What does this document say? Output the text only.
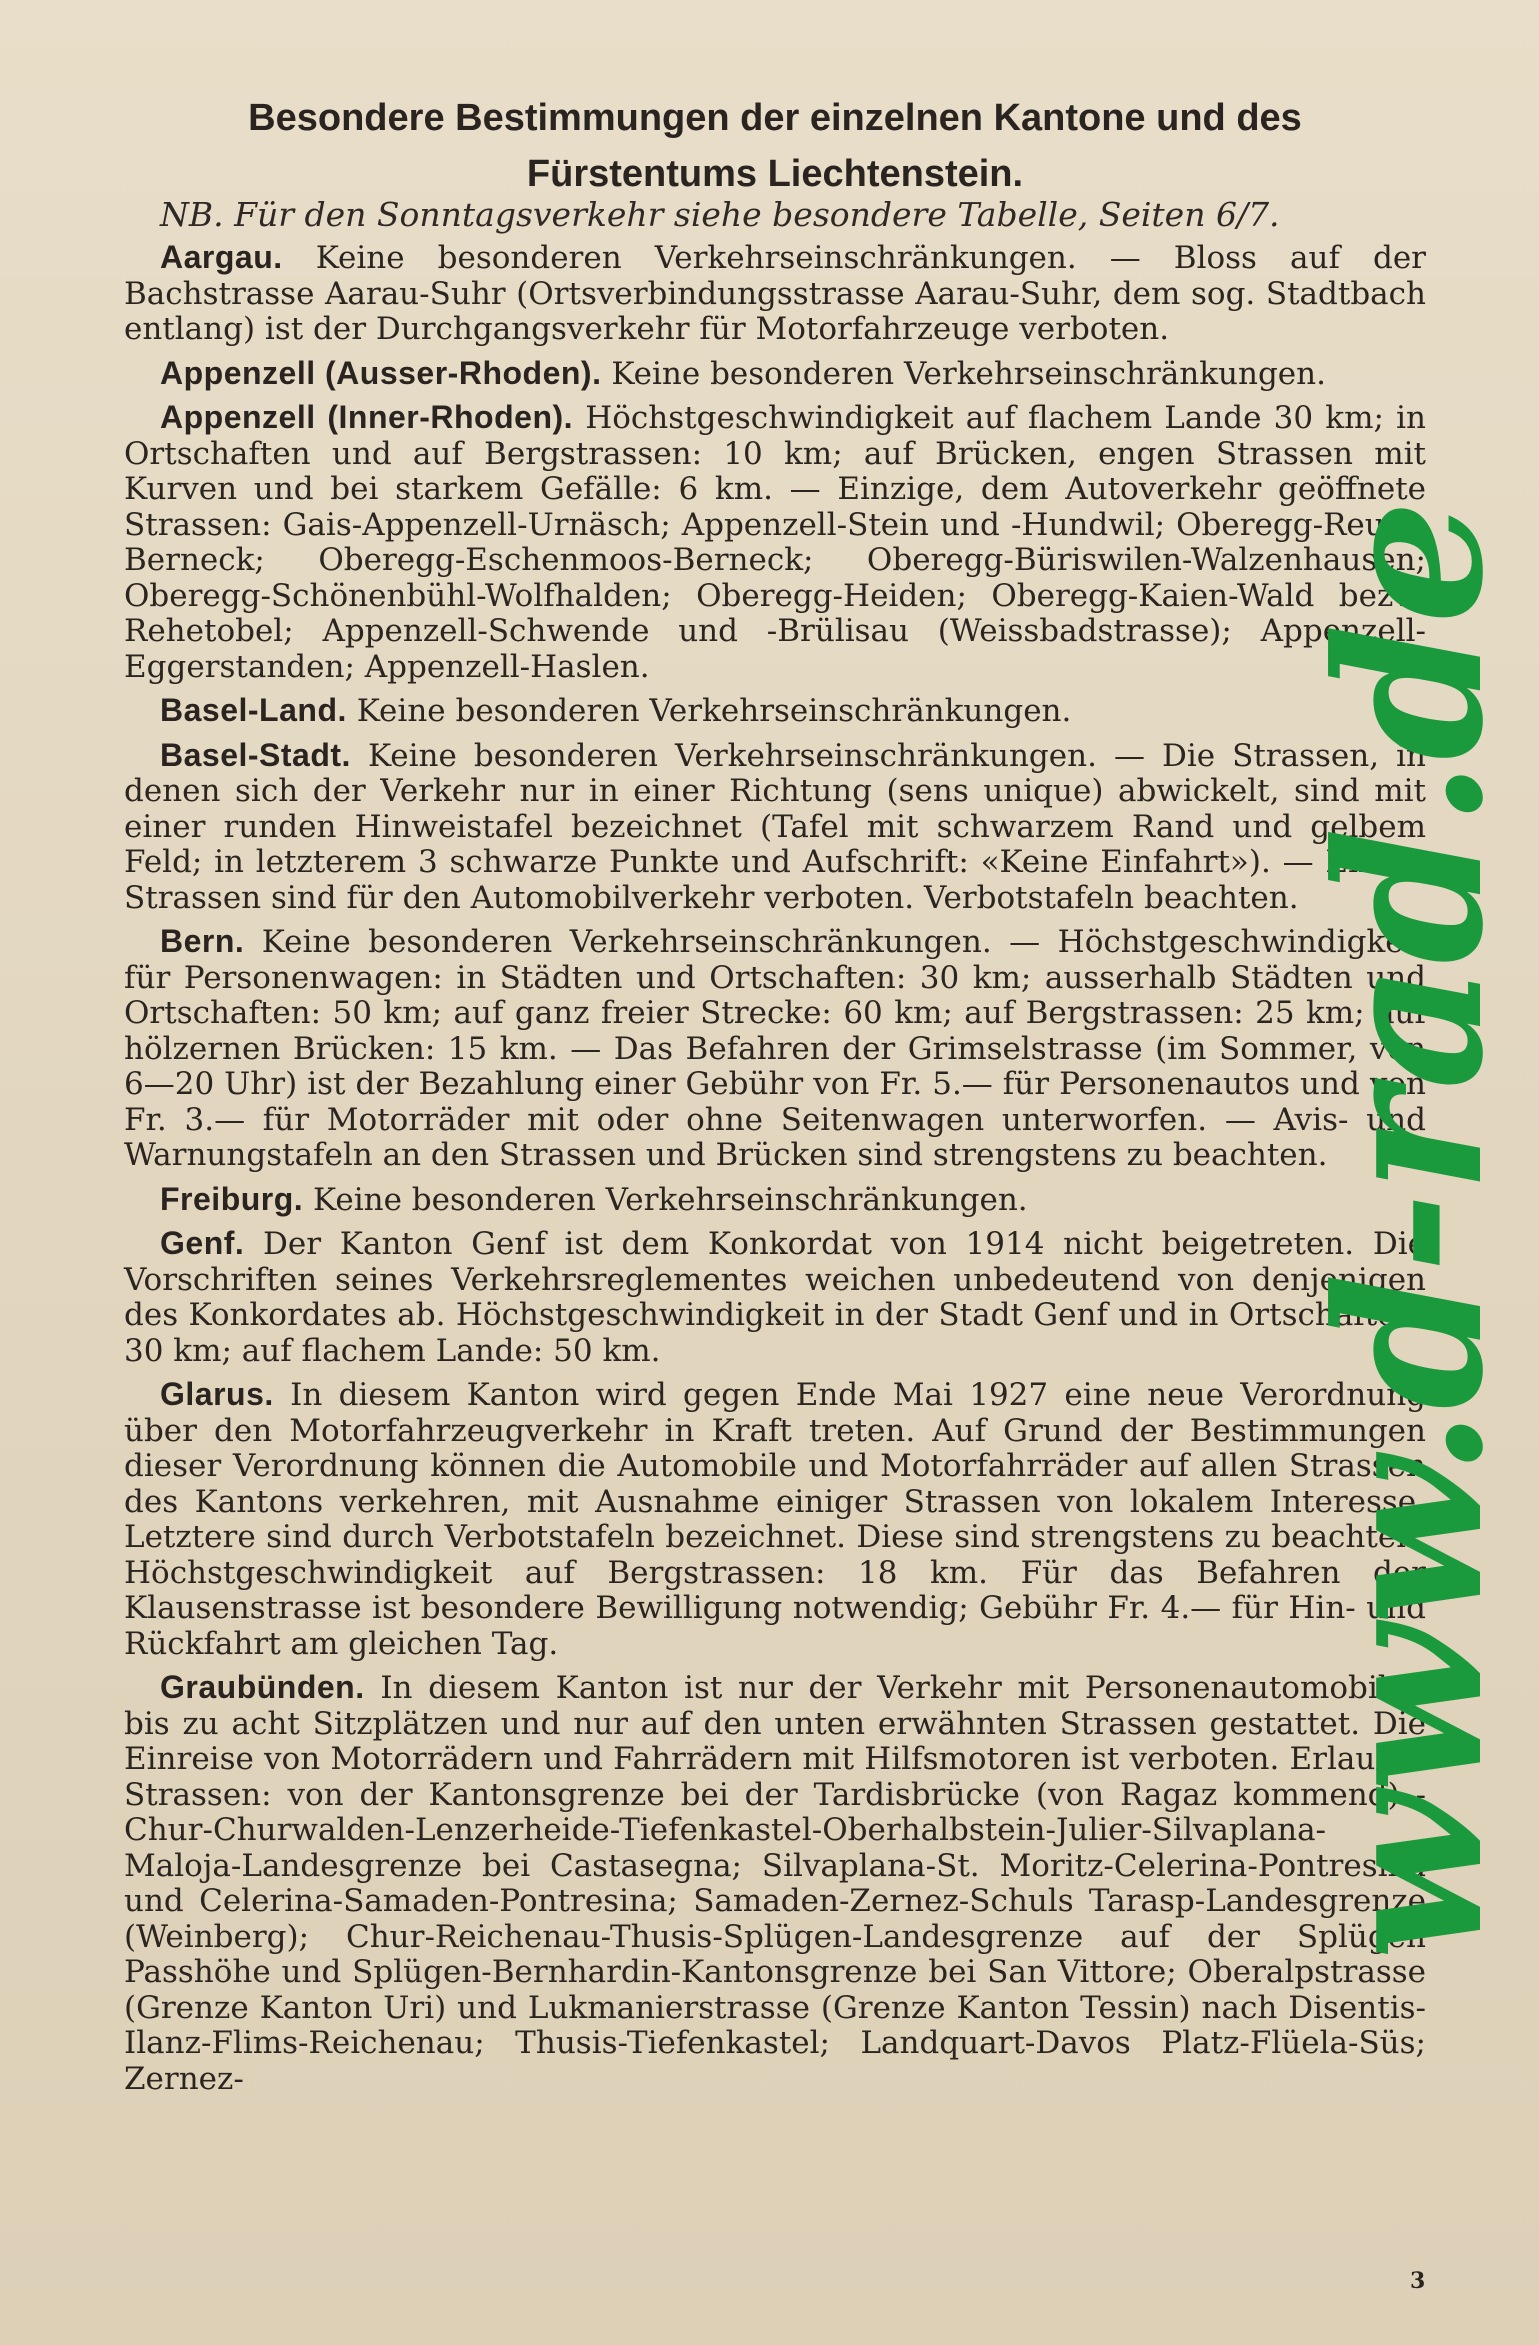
Besondere Bestimmungen der einzelnen Kantone und des
Fürstentums Liechtenstein.
NB. Für den Sonntagsverkehr siehe besondere Tabelle, Seiten 6/7.
Aargau. Keine besonderen Verkehrseinschränkungen. — Bloss auf der Bachstrasse Aarau-Suhr (Ortsverbindungsstrasse Aarau-Suhr, dem sog. Stadtbach entlang) ist der Durchgangsverkehr für Motorfahrzeuge verboten.
Appenzell (Ausser-Rhoden). Keine besonderen Verkehrseinschränkungen.
Appenzell (Inner-Rhoden). Höchstgeschwindigkeit auf flachem Lande 30 km; in Ortschaften und auf Bergstrassen: 10 km; auf Brücken, engen Strassen mit Kurven und bei starkem Gefälle: 6 km. — Einzige, dem Autoverkehr geöffnete Strassen: Gais-Appenzell-Urnäsch; Appenzell-Stein und -Hundwil; Oberegg-Reute-Berneck; Oberegg-Eschenmoos-Berneck; Oberegg-Büriswilen-Walzenhausen; Oberegg-Schönenbühl-Wolfhalden; Oberegg-Heiden; Oberegg-Kaien-Wald bezw. Rehetobel; Appenzell-Schwende und -Brülisau (Weissbadstrasse); Appenzell-Eggerstanden; Appenzell-Haslen.
Basel-Land. Keine besonderen Verkehrseinschränkungen.
Basel-Stadt. Keine besonderen Verkehrseinschränkungen. — Die Strassen, in denen sich der Verkehr nur in einer Richtung (sens unique) abwickelt, sind mit einer runden Hinweistafel bezeichnet (Tafel mit schwarzem Rand und gelbem Feld; in letzterem 3 schwarze Punkte und Aufschrift: «Keine Einfahrt»). — Einige Strassen sind für den Automobilverkehr verboten. Verbotstafeln beachten.
Bern. Keine besonderen Verkehrseinschränkungen. — Höchstgeschwindigkeit für Personenwagen: in Städten und Ortschaften: 30 km; ausserhalb Städten und Ortschaften: 50 km; auf ganz freier Strecke: 60 km; auf Bergstrassen: 25 km; auf hölzernen Brücken: 15 km. — Das Befahren der Grimselstrasse (im Sommer, von 6—20 Uhr) ist der Bezahlung einer Gebühr von Fr. 5.— für Personenautos und von Fr. 3.— für Motorräder mit oder ohne Seitenwagen unterworfen. — Avis- und Warnungstafeln an den Strassen und Brücken sind strengstens zu beachten.
Freiburg. Keine besonderen Verkehrseinschränkungen.
Genf. Der Kanton Genf ist dem Konkordat von 1914 nicht beigetreten. Die Vorschriften seines Verkehrsreglementes weichen unbedeutend von denjenigen des Konkordates ab. Höchstgeschwindigkeit in der Stadt Genf und in Ortschaften: 30 km; auf flachem Lande: 50 km.
Glarus. In diesem Kanton wird gegen Ende Mai 1927 eine neue Verordnung über den Motorfahrzeugverkehr in Kraft treten. Auf Grund der Bestimmungen dieser Verordnung können die Automobile und Motorfahrräder auf allen Strassen des Kantons verkehren, mit Ausnahme einiger Strassen von lokalem Interesse. Letztere sind durch Verbotstafeln bezeichnet. Diese sind strengstens zu beachten. Höchstgeschwindigkeit auf Bergstrassen: 18 km. Für das Befahren der Klausenstrasse ist besondere Bewilligung notwendig; Gebühr Fr. 4.— für Hin- und Rückfahrt am gleichen Tag.
Graubünden. In diesem Kanton ist nur der Verkehr mit Personenautomobilen bis zu acht Sitzplätzen und nur auf den unten erwähnten Strassen gestattet. Die Einreise von Motorrädern und Fahrrädern mit Hilfsmotoren ist verboten. Erlaubte Strassen: von der Kantonsgrenze bei der Tardisbrücke (von Ragaz kommend) -Chur-Churwalden-Lenzerheide-Tiefenkastel-Oberhalbstein-Julier-Silvaplana-Maloja-Landesgrenze bei Castasegna; Silvaplana-St. Moritz-Celerina-Pontresina und Celerina-Samaden-Pontresina; Samaden-Zernez-Schuls Tarasp-Landesgrenze (Weinberg); Chur-Reichenau-Thusis-Splügen-Landesgrenze auf der Splügen Passhöhe und Splügen-Bernhardin-Kantonsgrenze bei San Vittore; Oberalpstrasse (Grenze Kanton Uri) und Lukmanierstrasse (Grenze Kanton Tessin) nach Disentis-Ilanz-Flims-Reichenau; Thusis-Tiefenkastel; Landquart-Davos Platz-Flüela-Süs; Zernez-
3
www.d-rad.de
